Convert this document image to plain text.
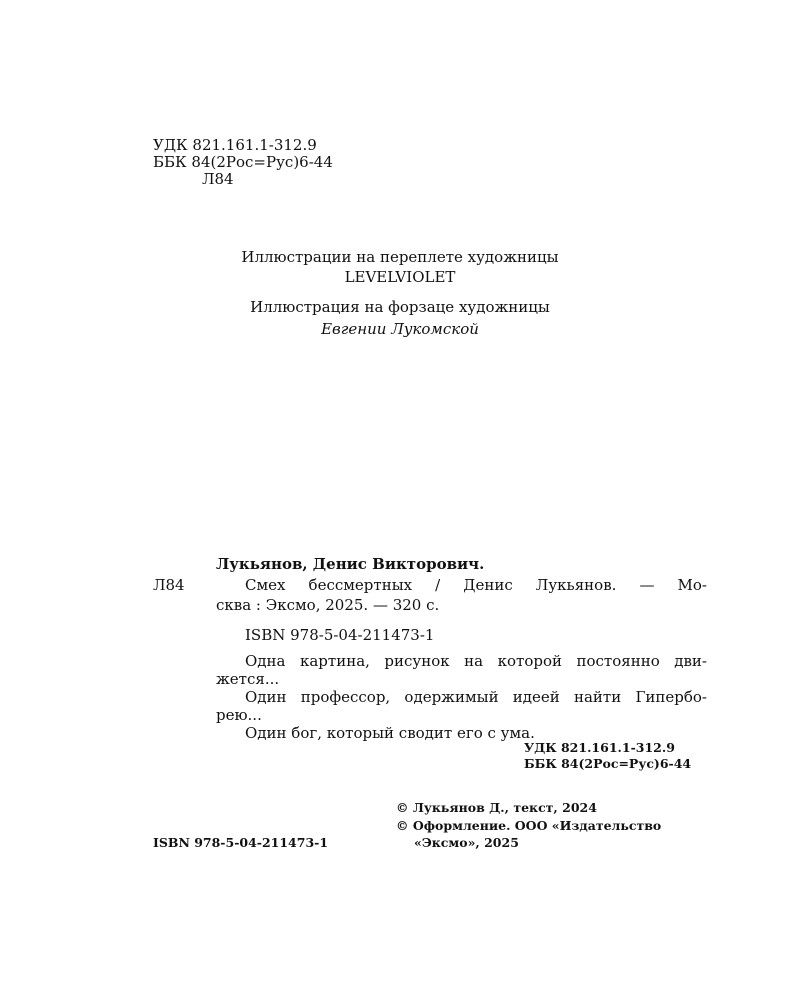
УДК 821.161.1-312.9
ББК 84(2Рос=Рус)6-44
Л84
Иллюстрации на переплете художницы
LEVELVIOLET
Иллюстрация на форзаце художницы
Евгении Лукомской
Лукьянов, Денис Викторович.
Л84	Смех бессмертных / Денис Лукьянов. — Мо-
сква : Эксмо, 2025. — 320 с.
ISBN 978-5-04-211473-1
Одна картина, рисунок на которой постоянно дви-
жется...
Один профессор, одержимый идеей найти Гипербо-
рею...
Один бог, который сводит его с ума.
УДК 821.161.1-312.9
ББК 84(2Рос=Рус)6-44
ISBN 978-5-04-211473-1
© Лукьянов Д., текст, 2024
© Оформление. ООО «Издательство
«Эксмо», 2025
